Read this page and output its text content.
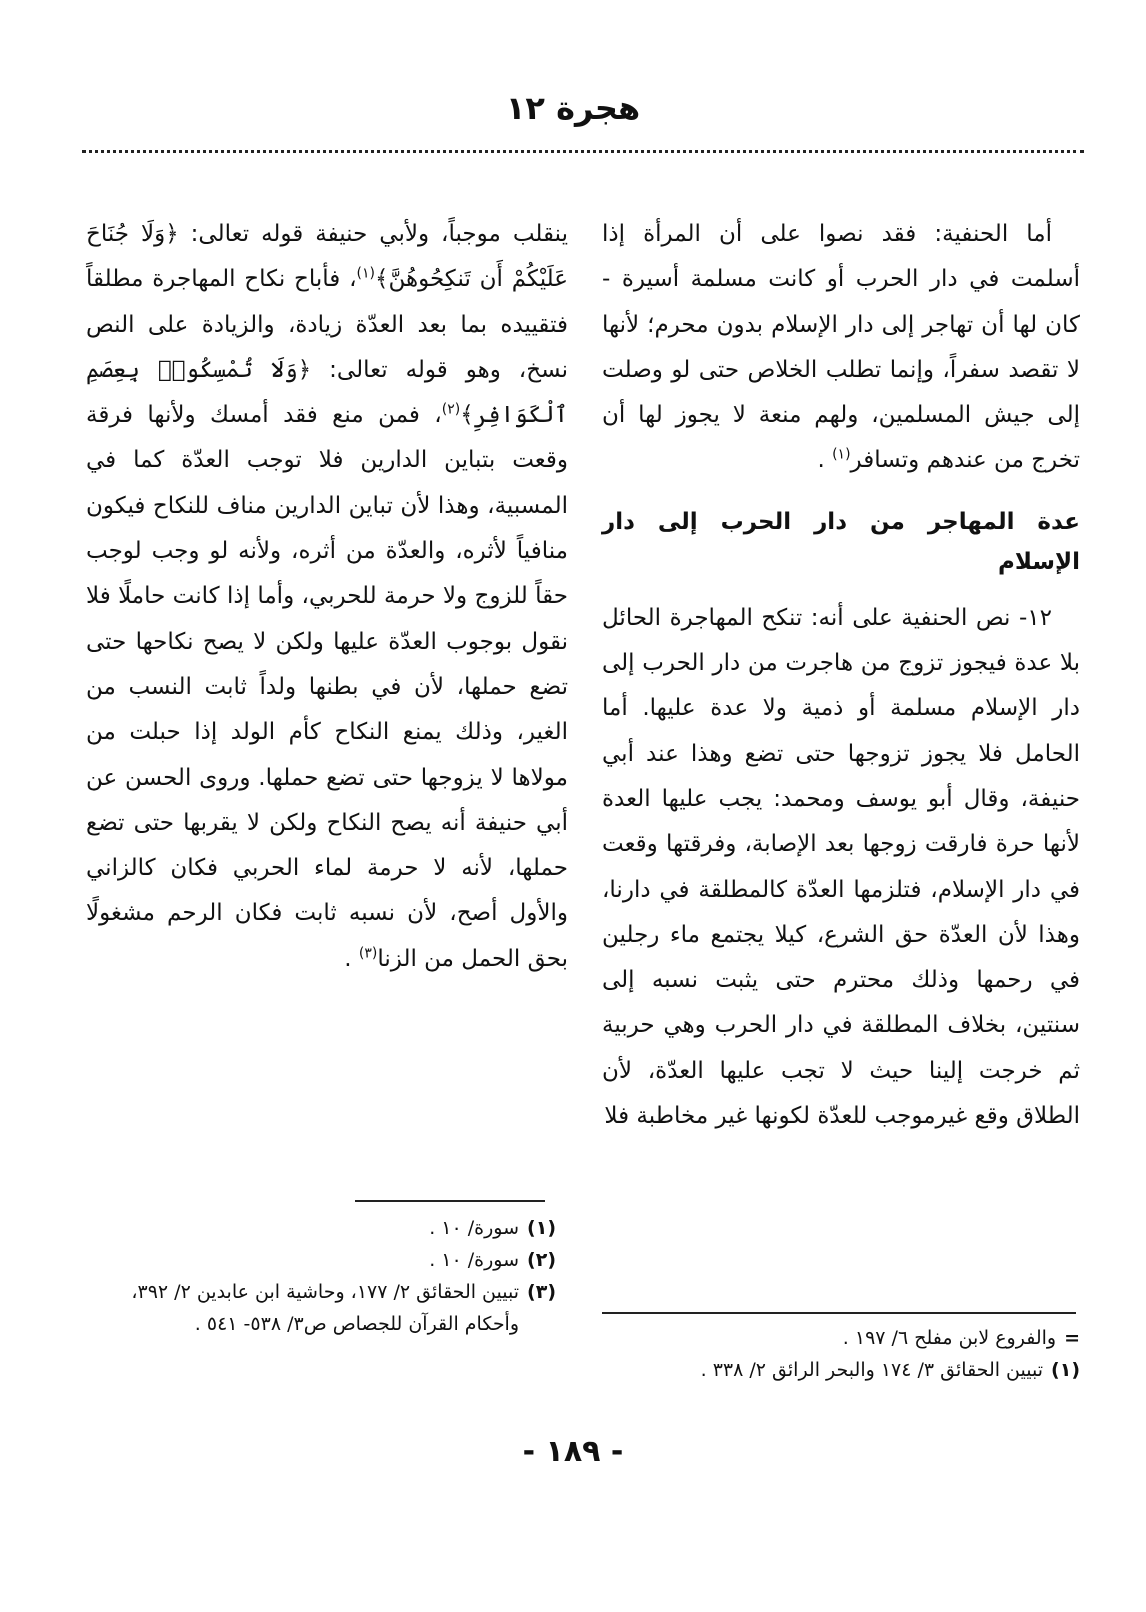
هجرة ١٢

أما الحنفية: فقد نصوا على أن المرأة إذا أسلمت في دار الحرب أو كانت مسلمة أسيرة - كان لها أن تهاجر إلى دار الإسلام بدون محرم؛ لأنها لا تقصد سفراً، وإنما تطلب الخلاص حتى لو وصلت إلى جيش المسلمين، ولهم منعة لا يجوز لها أن تخرج من عندهم وتسافر$^{(١)}$ .

عدة المهاجر من دار الحرب إلى دار الإسلام

١٢- نص الحنفية على أنه: تنكح المهاجرة الحائل بلا عدة فيجوز تزوج من هاجرت من دار الحرب إلى دار الإسلام مسلمة أو ذمية ولا عدة عليها. أما الحامل فلا يجوز تزوجها حتى تضع وهذا عند أبي حنيفة، وقال أبو يوسف ومحمد: يجب عليها العدة لأنها حرة فارقت زوجها بعد الإصابة، وفرقتها وقعت في دار الإسلام، فتلزمها العدّة كالمطلقة في دارنا، وهذا لأن العدّة حق الشرع، كيلا يجتمع ماء رجلين في رحمها وذلك محترم حتى يثبت نسبه إلى سنتين، بخلاف المطلقة في دار الحرب وهي حربية ثم خرجت إلينا حيث لا تجب عليها العدّة، لأن الطلاق وقع غيرموجب للعدّة لكونها غير مخاطبة فلا

ينقلب موجباً، ولأبي حنيفة قوله تعالى: ﴿وَلَا جُنَاحَ عَلَيْكُمْ أَن تَنكِحُوهُنَّ﴾$^{(١)}$، فأباح نكاح المهاجرة مطلقاً فتقييده بما بعد العدّة زيادة، والزيادة على النص نسخ، وهو قوله تعالى: ﴿وَلَا تُمْسِكُوا۟ بِعِصَمِ ٱلْكَوَافِرِ﴾$^{(٢)}$، فمن منع فقد أمسك ولأنها فرقة وقعت بتباين الدارين فلا توجب العدّة كما في المسبية، وهذا لأن تباين الدارين مناف للنكاح فيكون منافياً لأثره، والعدّة من أثره، ولأنه لو وجب لوجب حقاً للزوج ولا حرمة للحربي، وأما إذا كانت حاملًا فلا نقول بوجوب العدّة عليها ولكن لا يصح نكاحها حتى تضع حملها، لأن في بطنها ولداً ثابت النسب من الغير، وذلك يمنع النكاح كأم الولد إذا حبلت من مولاها لا يزوجها حتى تضع حملها. وروى الحسن عن أبي حنيفة أنه يصح النكاح ولكن لا يقربها حتى تضع حملها، لأنه لا حرمة لماء الحربي فكان كالزاني والأول أصح، لأن نسبه ثابت فكان الرحم مشغولًا بحق الحمل من الزنا$^{(٣)}$ .

(١)
سورة/ ١٠ .

(٢)
سورة/ ١٠ .

(٣)
تبيين الحقائق ٢/ ١٧٧، وحاشية ابن عابدين ٢/ ٣٩٢، وأحكام القرآن للجصاص ص٣/ ٥٣٨- ٥٤١ .

=
والفروع لابن مفلح ٦/ ١٩٧ .

(١)
تبيين الحقائق ٣/ ١٧٤ والبحر الرائق ٢/ ٣٣٨ .

- ١٨٩ -
